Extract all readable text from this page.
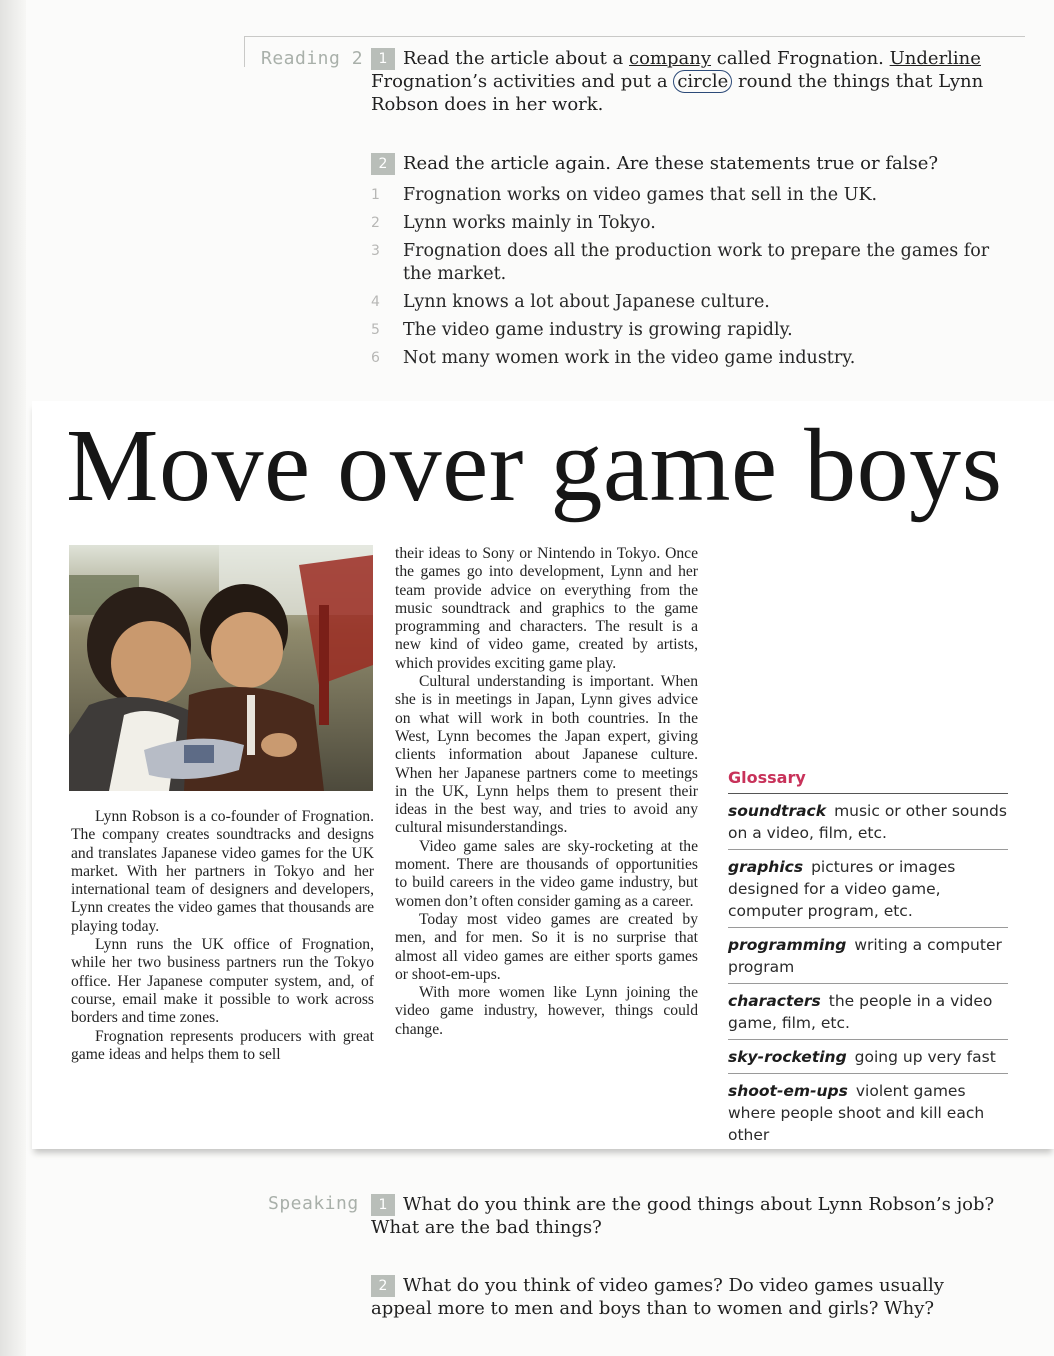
Reading 2	1 Read the article about a company called Frognation. Underline Frognation’s activities and put a circle round the things that Lynn Robson does in her work.
2 Read the article again. Are these statements true or false?
1 Frognation works on video games that sell in the UK.
2 Lynn works mainly in Tokyo.
3 Frognation does all the production work to prepare the games for the market.
4 Lynn knows a lot about Japanese culture.
5 The video game industry is growing rapidly.
6 Not many women work in the video game industry.
Move over game boys

Lynn Robson is a co-founder of Frognation. The company creates soundtracks and designs and translates Japanese video games for the UK market. With her partners in Tokyo and her international team of designers and developers, Lynn creates the video games that thousands are playing today.

Lynn runs the UK office of Frognation, while her two business partners run the Tokyo office. Her Japanese computer system, and, of course, email make it possible to work across borders and time zones.

Frognation represents producers with great game ideas and helps them to sell

their ideas to Sony or Nintendo in Tokyo. Once the games go into development, Lynn and her team provide advice on everything from the music soundtrack and graphics to the game programming and characters. The result is a new kind of video game, created by artists, which provides exciting game play.

Cultural understanding is important. When she is in meetings in Japan, Lynn gives advice on what will work in both countries. In the West, Lynn becomes the Japan expert, giving clients information about Japanese culture. When her Japanese partners come to meetings in the UK, Lynn helps them to present their ideas in the best way, and tries to avoid any cultural misunderstandings.

Video game sales are sky-rocketing at the moment. There are thousands of opportunities to build careers in the video game industry, but women don’t often consider gaming as a career.

Today most video games are created by men, and for men. So it is no surprise that almost all video games are either sports games or shoot-em-ups.

With more women like Lynn joining the video game industry, however, things could change.

Glossary
soundtrack music or other sounds on a video, film, etc.
graphics pictures or images designed for a video game, computer program, etc.
programming writing a computer program
characters the people in a video game, film, etc.
sky-rocketing going up very fast
shoot-em-ups violent games where people shoot and kill each other
Speaking	1 What do you think are the good things about Lynn Robson’s job? What are the bad things?
2 What do you think of video games? Do video games usually appeal more to men and boys than to women and girls? Why?
